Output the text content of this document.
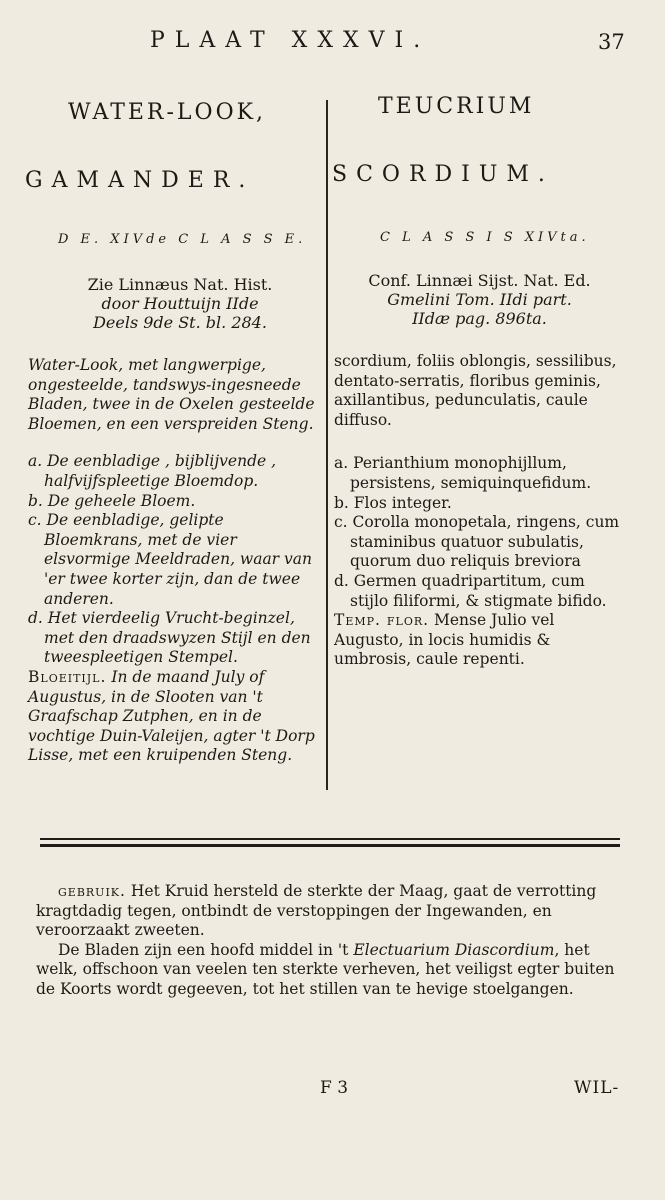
PLAAT XXXVI.	37
WATER-LOOK,
GAMANDER.
TEUCRIUM
SCORDIUM.
D E. XIVde C L A S S E.	C L A S S I S XIVta.
Zie Linnæus Nat. Hist.
door Houttuijn IIde
Deels 9de St. bl. 284.
Conf. Linnæi Sijst. Nat. Ed.
Gmelini Tom. IIdi part.
IIdæ pag. 896ta.

Water-Look, met langwerpige, ongesteelde, tandswys-ingesneede Bladen, twee in de Oxelen gesteelde Bloemen, en een verspreiden Steng.

a. De eenbladige , bijblijvende , halfvijfspleetige Bloemdop.

b. De geheele Bloem.

c. De eenbladige, gelipte Bloemkrans, met de vier elsvormige Meeldraden, waar van 'er twee korter zijn, dan de twee anderen.

d. Het vierdeelig Vrucht-beginzel, met den draadswyzen Stijl en den tweespleetigen Stempel.

Bloeitijl. In de maand July of Augustus, in de Slooten van 't Graafschap Zutphen, en in de vochtige Duin-Valeijen, agter 't Dorp Lisse, met een kruipenden Steng.

scordium, foliis oblongis, sessilibus, dentato-serratis, floribus geminis, axillantibus, pedunculatis, caule diffuso.

a. Perianthium monophijllum, persistens, semiquinquefidum.

b. Flos integer.

c. Corolla monopetala, ringens, cum staminibus quatuor subulatis, quorum duo reliquis breviora

d. Germen quadripartitum, cum stijlo filiformi, & stigmate bifido.

Temp. flor. Mense Julio vel Augusto, in locis humidis & umbrosis, caule repenti.

gebruik. Het Kruid hersteld de sterkte der Maag, gaat de verrotting kragtdadig tegen, ontbindt de verstoppingen der Ingewanden, en veroorzaakt zweeten.

De Bladen zijn een hoofd middel in 't Electuarium Diascordium, het welk, offschoon van veelen ten sterkte verheven, het veiligst egter buiten de Koorts wordt gegeeven, tot het stillen van te hevige stoelgangen.

F 3	WIL-
